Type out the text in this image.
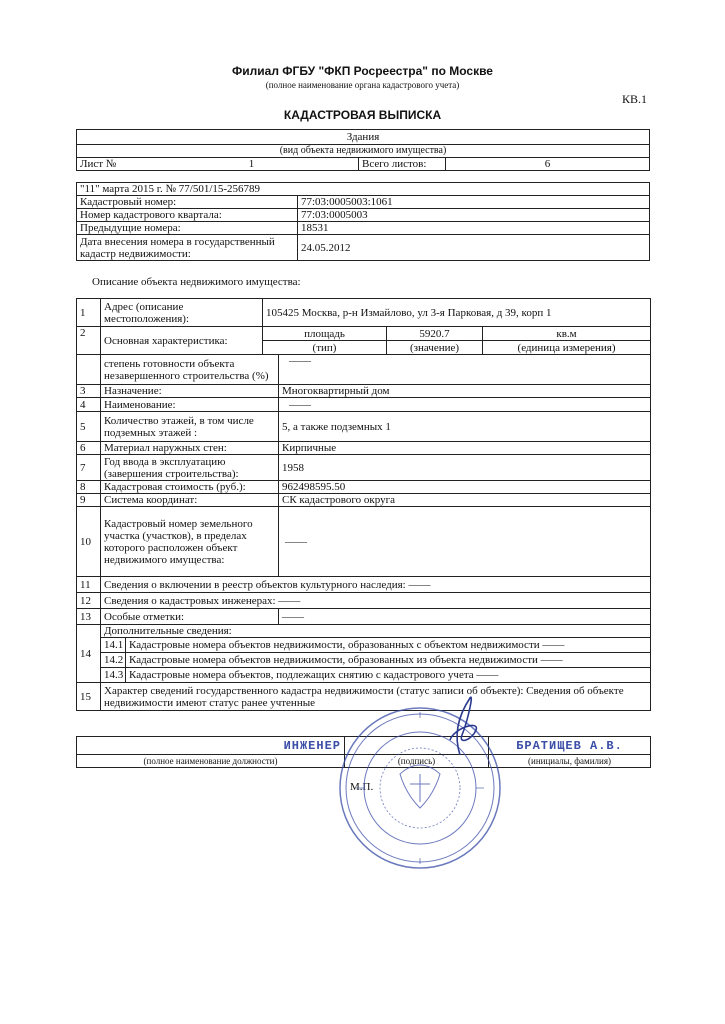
Филиал ФГБУ "ФКП Росреестра" по Москве
(полное наименование органа кадастрового учета)
КВ.1
КАДАСТРОВАЯ ВЫПИСКА
Здания
(вид объекта недвижимого имущества)
Лист №	1	Всего листов:	6
"11" марта 2015 г. № 77/501/15-256789	
Кадастровый номер:	77:03:0005003:1061
Номер кадастрового квартала:	77:03:0005003
Предыдущие номера:	18531
Дата внесения номера в государственный кадастр недвижимости:	24.05.2012
Описание объекта недвижимого имущества:
1	Адрес (описание местоположения):		105425 Москва, р-н Измайлово, ул 3-я Парковая, д 39, корп 1			
2	Основная характеристика:		площадь		5920.7	кв.м
			(тип)		(значение)	(единица измерения)
	степень готовности объекта незавершенного строительства (%)			——		
3	Назначение:			Многоквартирный дом		
4	Наименование:			——		
5	Количество этажей, в том числе подземных этажей :			5, а также подземных 1		
6	Материал наружных стен:			Кирпичные		
7	Год ввода в эксплуатацию (завершения строительства):			1958		
8	Кадастровая стоимость (руб.):			962498595.50		
9	Система координат:			СК кадастрового округа		
10	Кадастровый номер земельного участка (участков), в пределах которого расположен объект недвижимого имущества:			——		
11	Сведения о включении в реестр объектов культурного наследия: ——					
12	Сведения о кадастровых инженерах: ——					
13	Особые отметки:			——		
14	Дополнительные сведения:					
	14.1	Кадастровые номера объектов недвижимости, образованных с объектом недвижимости ——				
	14.2	Кадастровые номера объектов недвижимости, образованных из объекта недвижимости ——				
	14.3	Кадастровые номера объектов, подлежащих снятию с кадастрового учета ——				
15	Характер сведений государственного кадастра недвижимости (статус записи об объекте): Сведения об объекте недвижимости имеют статус ранее учтенные					
ИНЖЕНЕР		БРАТИЩЕВ А.В.
(полное наименование должности)	(подпись)	(инициалы, фамилия)
М.П.
